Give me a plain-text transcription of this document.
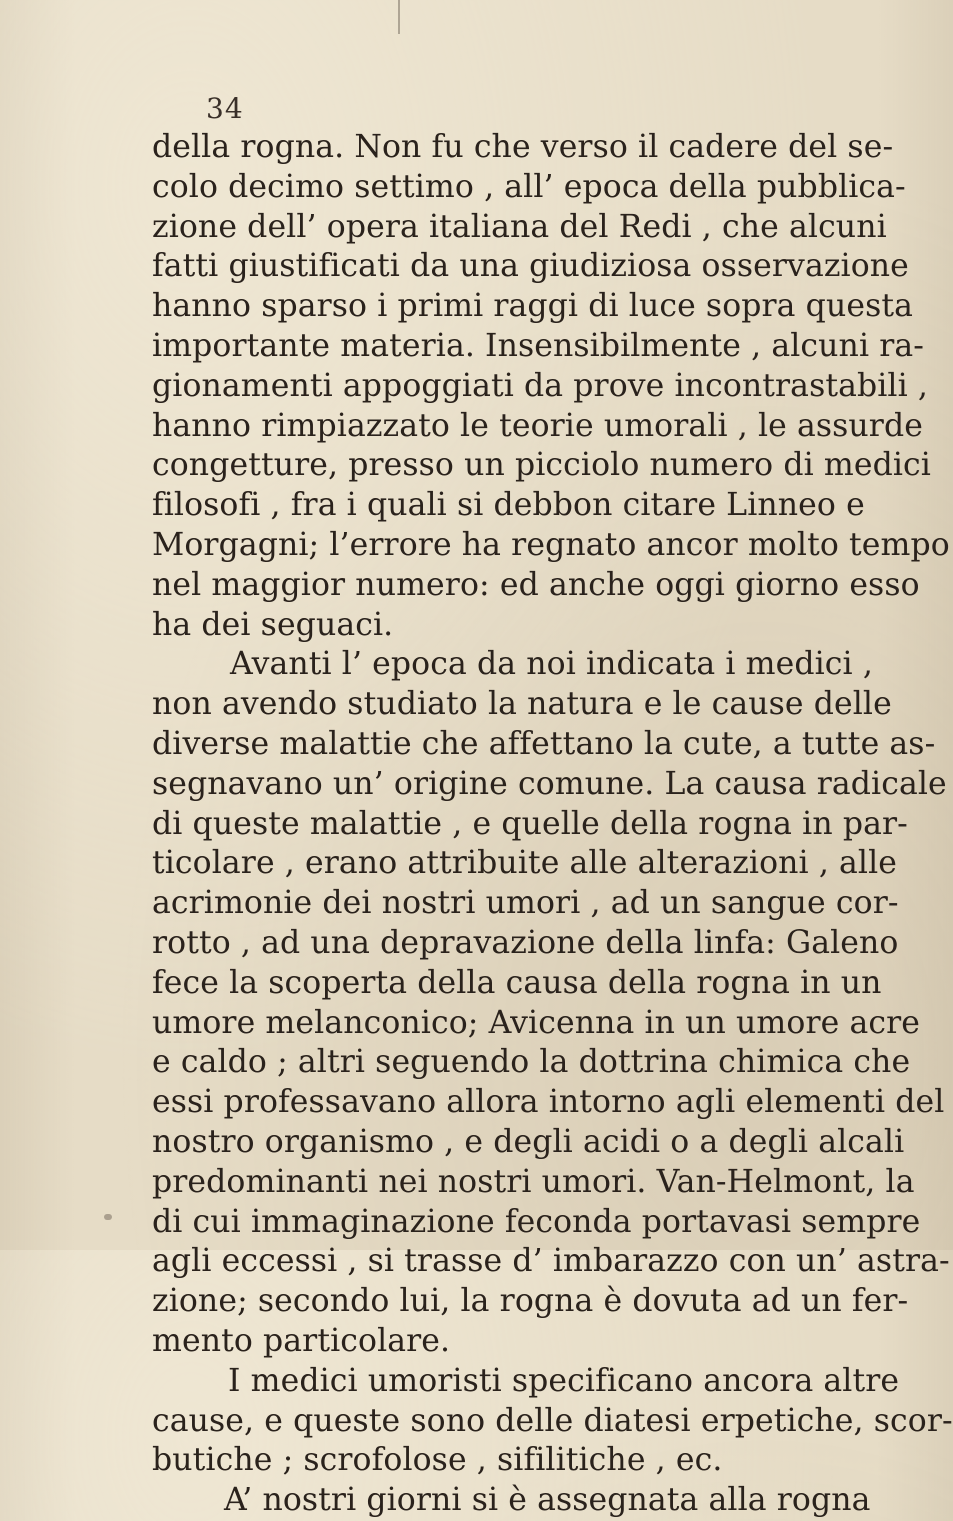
34
della rogna. Non fu che verso il cadere del se-
colo decimo settimo , all’ epoca della pubblica-
zione dell’ opera italiana del Redi , che alcuni
fatti giustificati da una giudiziosa osservazione
hanno sparso i primi raggi di luce sopra questa
importante materia. Insensibilmente , alcuni ra-
gionamenti appoggiati da prove incontrastabili ,
hanno rimpiazzato le teorie umorali , le assurde
congetture, presso un picciolo numero di medici
filosofi , fra i quali si debbon citare Linneo e
Morgagni; l’errore ha regnato ancor molto tempo
nel maggior numero: ed anche oggi giorno esso
ha dei seguaci.
Avanti l’ epoca da noi indicata i medici ,
non avendo studiato la natura e le cause delle
diverse malattie che affettano la cute, a tutte as-
segnavano un’ origine comune. La causa radicale
di queste malattie , e quelle della rogna in par-
ticolare , erano attribuite alle alterazioni , alle
acrimonie dei nostri umori , ad un sangue cor-
rotto , ad una depravazione della linfa: Galeno
fece la scoperta della causa della rogna in un
umore melanconico; Avicenna in un umore acre
e caldo ; altri seguendo la dottrina chimica che
essi professavano allora intorno agli elementi del
nostro organismo , e degli acidi o a degli alcali
predominanti nei nostri umori. Van-Helmont, la
di cui immaginazione feconda portavasi sempre
agli eccessi , si trasse d’ imbarazzo con un’ astra-
zione; secondo lui, la rogna è dovuta ad un fer-
mento particolare.
I medici umoristi specificano ancora altre
cause, e queste sono delle diatesi erpetiche, scor-
butiche ; scrofolose , sifilitiche , ec.
A’ nostri giorni si è assegnata alla rogna
